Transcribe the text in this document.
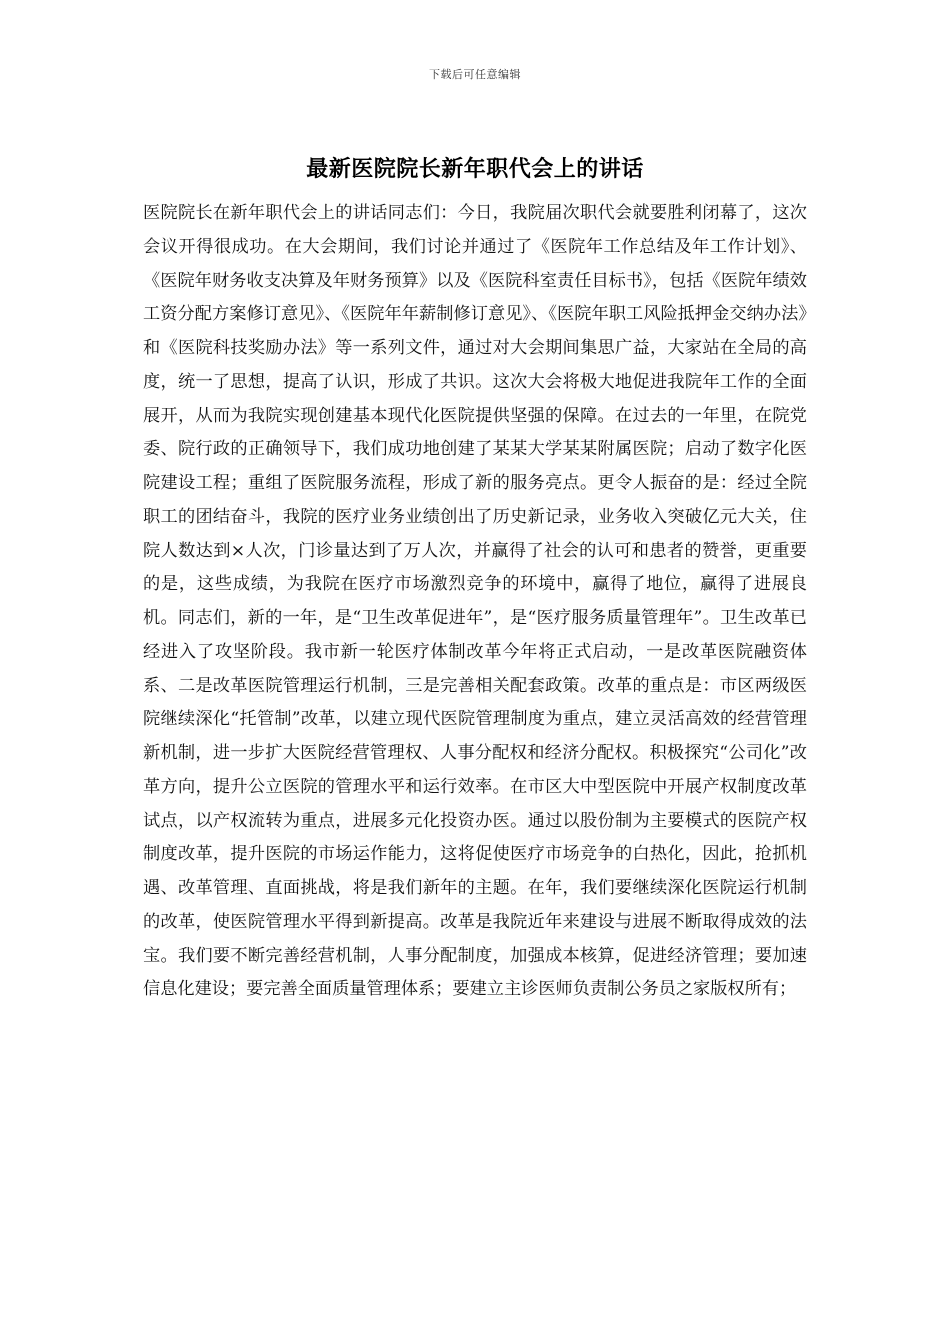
下载后可任意编辑
最新医院院长新年职代会上的讲话

医院院长在新年职代会上的讲话同志们：今日，我院届次职代会就要胜利闭幕了，这次会议开得很成功。在大会期间，我们讨论并通过了《医院年工作总结及年工作计划》、《医院年财务收支决算及年财务预算》以及《医院科室责任目标书》，包括《医院年绩效工资分配方案修订意见》、《医院年年薪制修订意见》、《医院年职工风险抵押金交纳办法》和《医院科技奖励办法》等一系列文件，通过对大会期间集思广益，大家站在全局的高度，统一了思想，提高了认识，形成了共识。这次大会将极大地促进我院年工作的全面展开，从而为我院实现创建基本现代化医院提供坚强的保障。在过去的一年里，在院党委、院行政的正确领导下，我们成功地创建了某某大学某某附属医院；启动了数字化医院建设工程；重组了医院服务流程，形成了新的服务亮点。更令人振奋的是：经过全院职工的团结奋斗，我院的医疗业务业绩创出了历史新记录，业务收入突破亿元大关，住院人数达到×人次，门诊量达到了万人次，并赢得了社会的认可和患者的赞誉，更重要的是，这些成绩，为我院在医疗市场激烈竞争的环境中，赢得了地位，赢得了进展良机。同志们，新的一年，是“卫生改革促进年”，是“医疗服务质量管理年”。卫生改革已经进入了攻坚阶段。我市新一轮医疗体制改革今年将正式启动，一是改革医院融资体系、二是改革医院管理运行机制，三是完善相关配套政策。改革的重点是：市区两级医院继续深化“托管制”改革，以建立现代医院管理制度为重点，建立灵活高效的经营管理新机制，进一步扩大医院经营管理权、人事分配权和经济分配权。积极探究“公司化”改革方向，提升公立医院的管理水平和运行效率。在市区大中型医院中开展产权制度改革试点，以产权流转为重点，进展多元化投资办医。通过以股份制为主要模式的医院产权制度改革，提升医院的市场运作能力，这将促使医疗市场竞争的白热化，因此，抢抓机遇、改革管理、直面挑战，将是我们新年的主题。在年，我们要继续深化医院运行机制的改革，使医院管理水平得到新提高。改革是我院近年来建设与进展不断取得成效的法宝。我们要不断完善经营机制，人事分配制度，加强成本核算，促进经济管理；要加速信息化建设；要完善全面质量管理体系；要建立主诊医师负责制公务员之家版权所有；
